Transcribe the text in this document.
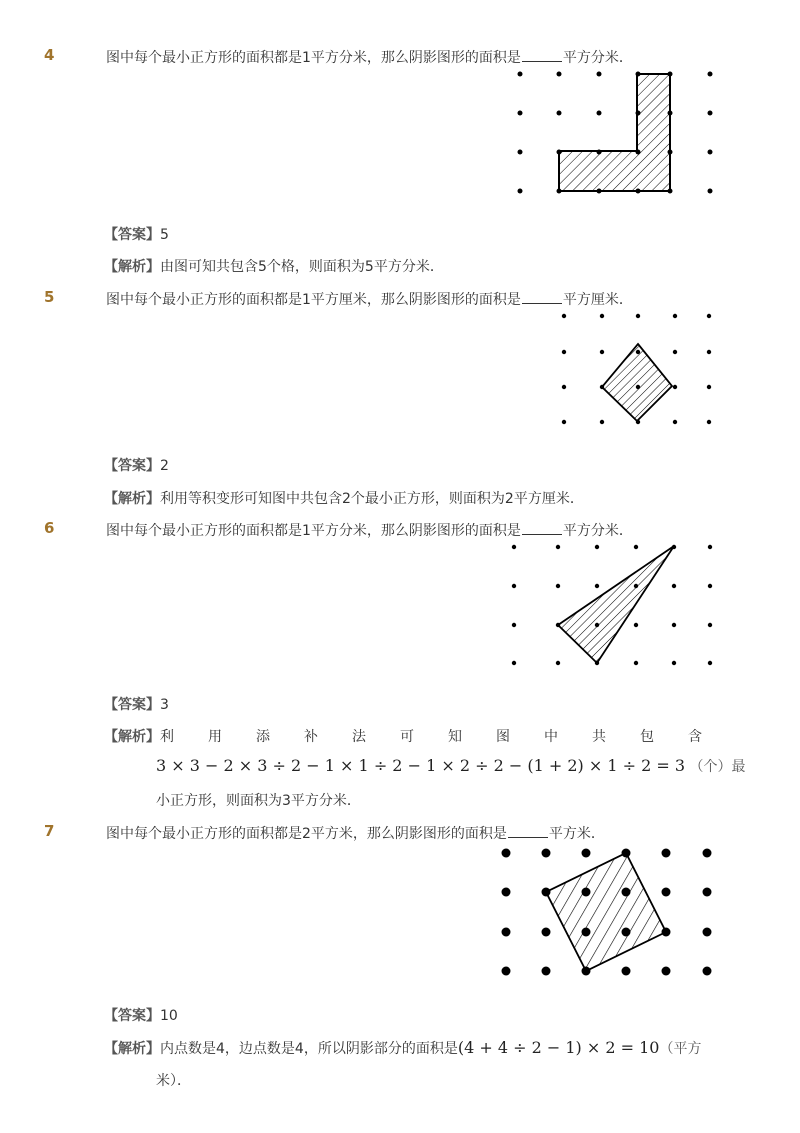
4	图中每个最小正方形的面积都是1平方分米，那么阴影图形的面积是	平方分米．
【答案】5
【解析】由图可知共包含5个格，则面积为5平方分米．
5	图中每个最小正方形的面积都是1平方厘米，那么阴影图形的面积是	平方厘米．
【答案】2
【解析】利用等积变形可知图中共包含2个最小正方形，则面积为2平方厘米．
6	图中每个最小正方形的面积都是1平方分米，那么阴影图形的面积是	平方分米．
【答案】3
【解析】利　　用　　添　　补　　法　　可　　知　　图　　中　　共　　包　　含
3 × 3 − 2 × 3 ÷ 2 − 1 × 1 ÷ 2 − 1 × 2 ÷ 2 − (1 + 2) × 1 ÷ 2 = 3 （个）最
小正方形，则面积为3平方分米．
7	图中每个最小正方形的面积都是2平方米，那么阴影图形的面积是	平方米．
【答案】10
【解析】内点数是4，边点数是4，所以阴影部分的面积是(4 + 4 ÷ 2 − 1) × 2 = 10（平方
米）．
